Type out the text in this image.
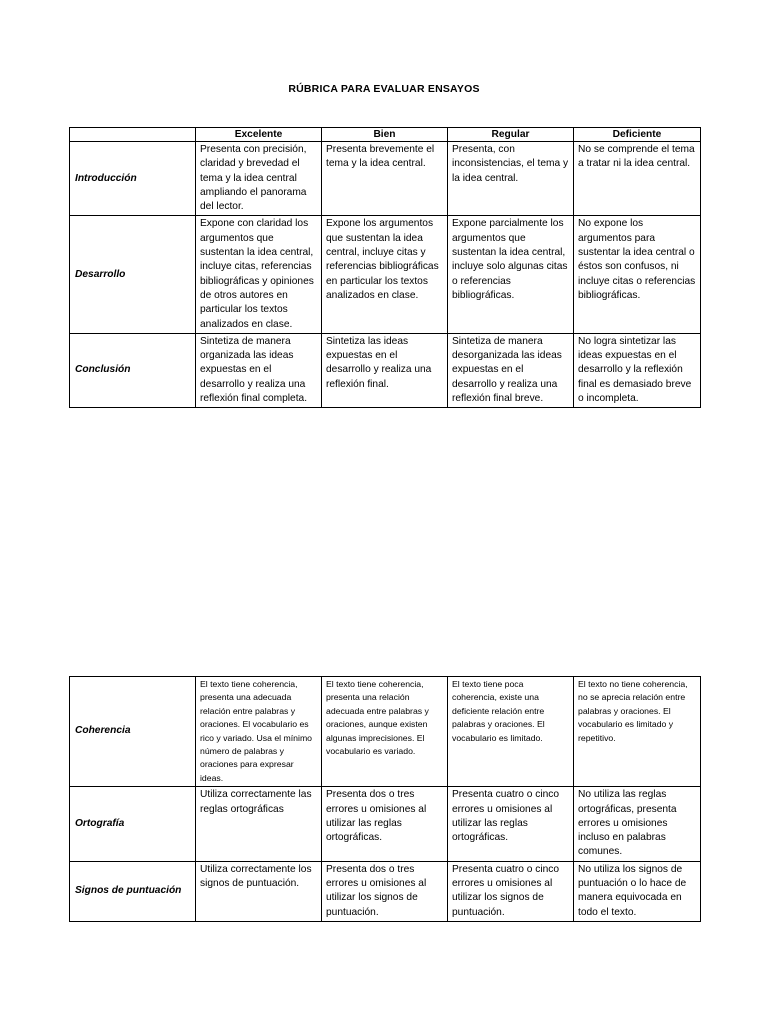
RÚBRICA PARA EVALUAR ENSAYOS
	Excelente	Bien	Regular	Deficiente
Introducción	Presenta con precisión, claridad y brevedad el tema y la idea central ampliando el panorama del lector.	Presenta brevemente el tema y la idea central.	Presenta, con inconsistencias, el tema y la idea central.	No se comprende el tema a tratar ni la idea central.
Desarrollo	Expone con claridad los argumentos que sustentan la idea central, incluye citas, referencias bibliográficas y opiniones de otros autores en particular los textos analizados en clase.	Expone los argumentos que sustentan la idea central, incluye citas y referencias bibliográficas en particular los textos analizados en clase.	Expone parcialmente los argumentos que sustentan la idea central, incluye solo algunas citas o referencias bibliográficas.	No expone los argumentos para sustentar la idea central o éstos son confusos, ni incluye citas o referencias bibliográficas.
Conclusión	Sintetiza de manera organizada las ideas expuestas en el desarrollo y realiza una reflexión final completa.	Sintetiza las ideas expuestas en el desarrollo y realiza una reflexión final.	Sintetiza de manera desorganizada las ideas expuestas en el desarrollo y realiza una reflexión final breve.	No logra sintetizar las ideas expuestas en el desarrollo y la reflexión final es demasiado breve o incompleta.
Coherencia	El texto tiene coherencia, presenta una adecuada relación entre palabras y oraciones. El vocabulario es rico y variado. Usa el mínimo número de palabras y oraciones para expresar ideas.	El texto tiene coherencia, presenta una relación adecuada entre palabras y oraciones, aunque existen algunas imprecisiones. El vocabulario es variado.	El texto tiene poca coherencia, existe una deficiente relación entre palabras y oraciones. El vocabulario es limitado.	El texto no tiene coherencia, no se aprecia relación entre palabras y oraciones. El vocabulario es limitado y repetitivo.
Ortografía	Utiliza correctamente las reglas ortográficas	Presenta dos o tres errores u omisiones al utilizar las reglas ortográficas.	Presenta cuatro o cinco errores u omisiones al utilizar las reglas ortográficas.	No utiliza las reglas ortográficas, presenta errores u omisiones incluso en palabras comunes.
Signos de puntuación	Utiliza correctamente los signos de puntuación.	Presenta dos o tres errores u omisiones al utilizar los signos de puntuación.	Presenta cuatro o cinco errores u omisiones al utilizar los signos de puntuación.	No utiliza los signos de puntuación o lo hace de manera equivocada en todo el texto.
